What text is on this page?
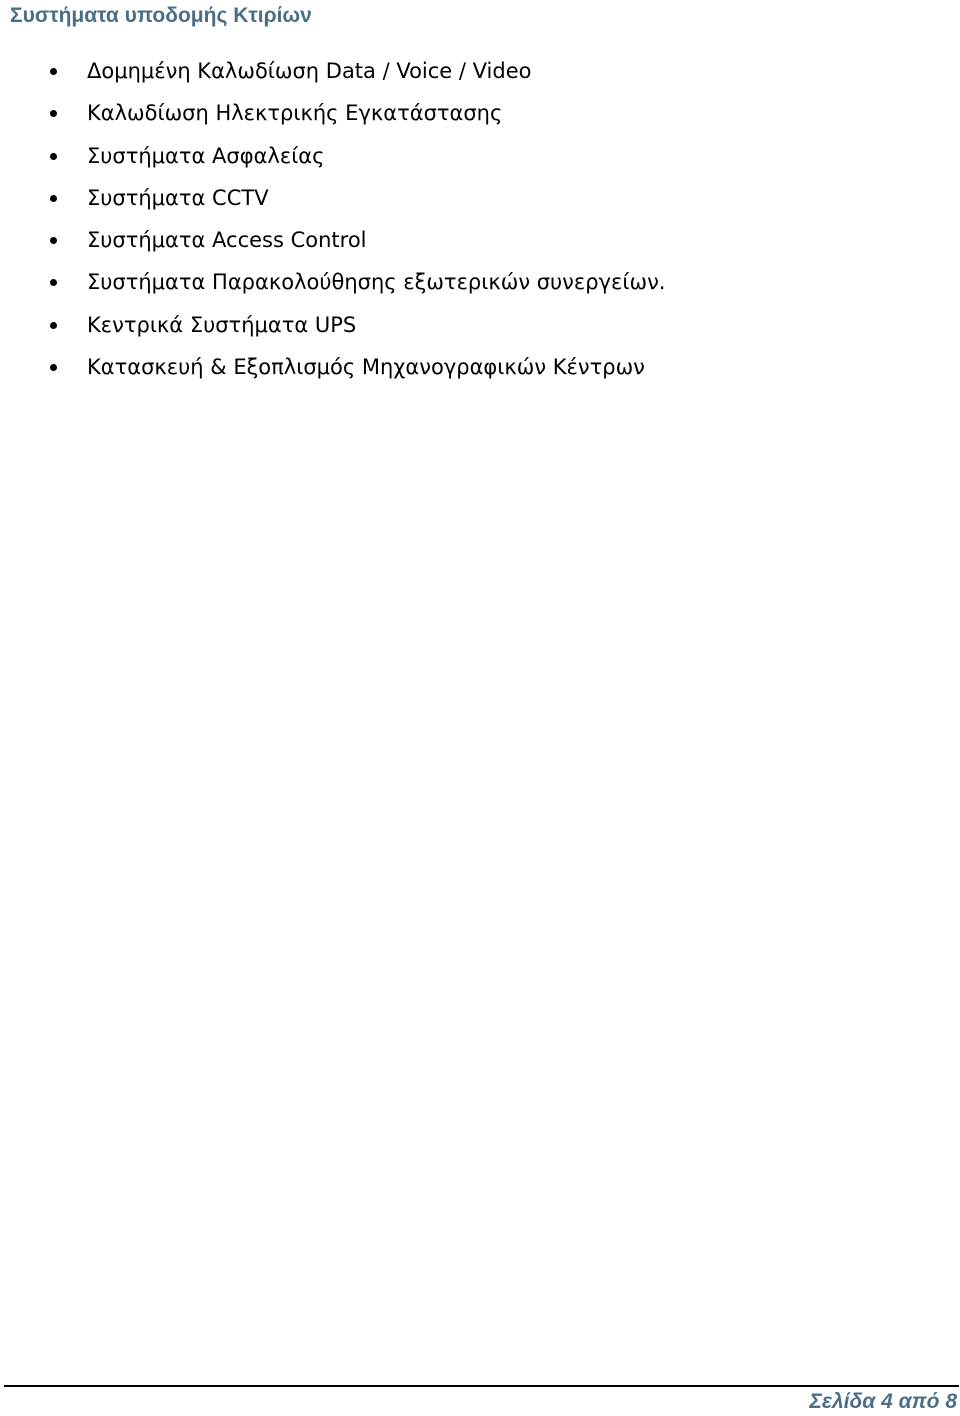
Συστήματα υποδομής Κτιρίων
Δομημένη Καλωδίωση Data / Voice / Video
Καλωδίωση Ηλεκτρικής Εγκατάστασης
Συστήματα Ασφαλείας
Συστήματα CCTV
Συστήματα Access Control
Συστήματα Παρακολούθησης εξωτερικών συνεργείων.
Κεντρικά Συστήματα UPS
Κατασκευή & Εξοπλισμός Μηχανογραφικών Κέντρων
Σελίδα 4 από 8
